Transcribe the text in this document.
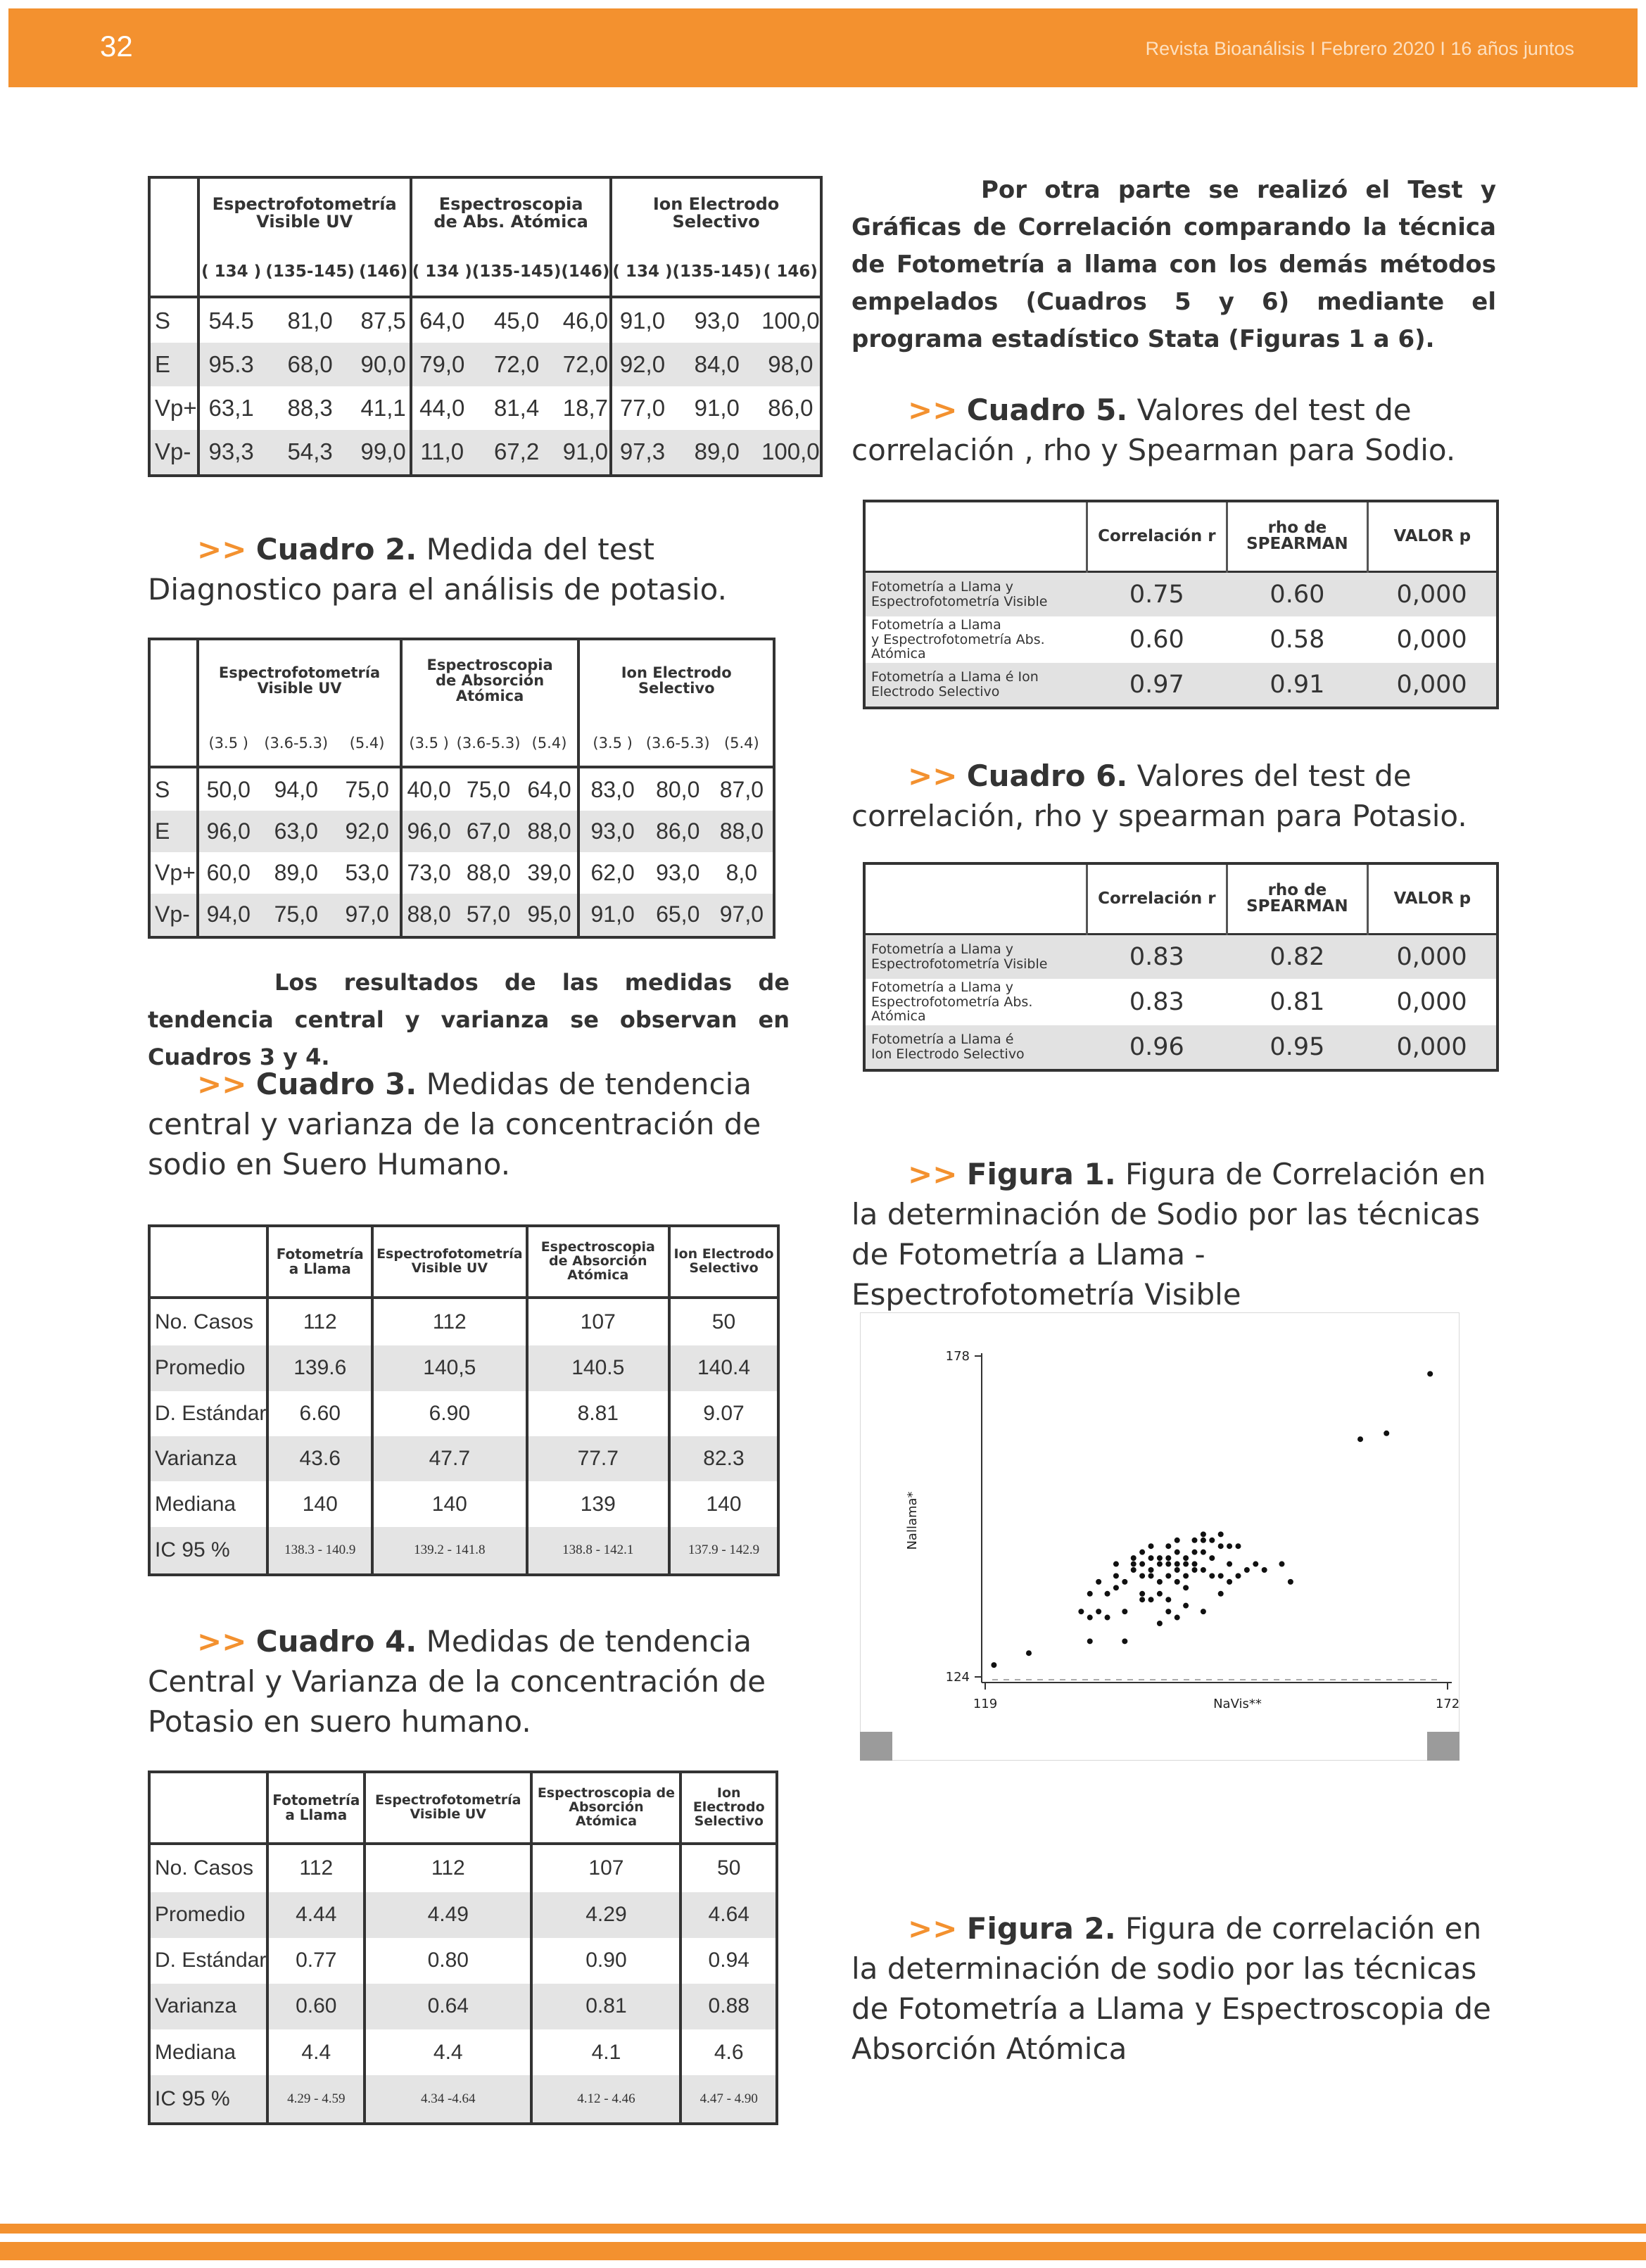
32	Revista Bioanálisis I Febrero 2020 I 16 años juntos
	Espectrofotometría Visible UV			Espectroscopia de Abs. Atómica			Ion Electrodo Selectivo		
	( 134 )	(135-145)	(146)	( 134 )	(135-145)	(146)	( 134 )	(135-145)	( 146)
S	54.5	81,0	87,5	64,0	45,0	46,0	91,0	93,0	100,0
E	95.3	68,0	90,0	79,0	72,0	72,0	92,0	84,0	98,0
Vp+	63,1	88,3	41,1	44,0	81,4	18,7	77,0	91,0	86,0
Vp-	93,3	54,3	99,0	11,0	67,2	91,0	97,3	89,0	100,0
>> Cuadro 2. Medida del test Diagnostico para el análisis de potasio.
	Espectrofotometría Visible UV			Espectroscopia de Absorción Atómica			Ion Electrodo Selectivo		
	(3.5 )	(3.6-5.3)	(5.4)	(3.5 )	(3.6-5.3)	(5.4)	(3.5 )	(3.6-5.3)	(5.4)
S	50,0	94,0	75,0	40,0	75,0	64,0	83,0	80,0	87,0
E	96,0	63,0	92,0	96,0	67,0	88,0	93,0	86,0	88,0
Vp+	60,0	89,0	53,0	73,0	88,0	39,0	62,0	93,0	8,0
Vp-	94,0	75,0	97,0	88,0	57,0	95,0	91,0	65,0	97,0
Los resultados de las medidas de tendencia central y varianza se observan en Cuadros 3 y 4.
>> Cuadro 3. Medidas de tendencia central y varianza de la concentración de sodio en Suero Humano.
	Fotometría a Llama	Espectrofotometría Visible UV	Espectroscopia de Absorción Atómica	Ion Electrodo Selectivo
No. Casos	112	112	107	50
Promedio	139.6	140,5	140.5	140.4
D. Estándar	6.60	6.90	8.81	9.07
Varianza	43.6	47.7	77.7	82.3
Mediana	140	140	139	140
IC 95 %	138.3 - 140.9	139.2 - 141.8	138.8 - 142.1	137.9 - 142.9
>> Cuadro 4. Medidas de tendencia Central y Varianza de la concentración de Potasio en suero humano.
	Fotometría a Llama	Espectrofotometría Visible UV	Espectroscopia de Absorción Atómica	Ion Electrodo Selectivo
No. Casos	112	112	107	50
Promedio	4.44	4.49	4.29	4.64
D. Estándar	0.77	0.80	0.90	0.94
Varianza	0.60	0.64	0.81	0.88
Mediana	4.4	4.4	4.1	4.6
IC 95 %	4.29 - 4.59	4.34 -4.64	4.12 - 4.46	4.47 - 4.90
Por otra parte se realizó el Test y Gráficas de Correlación comparando la técnica de Fotometría a llama con los demás métodos empelados (Cuadros 5 y 6) mediante el programa estadístico Stata (Figuras 1 a 6).
>> Cuadro 5. Valores del test de correlación , rho y Spearman para Sodio.
	Correlación r	rho de SPEARMAN	VALOR p

Fotometría a Llama y
Espectrofotometría Visible	0.75	0.60	0,000

Fotometría a Llama
y Espectrofotometría Abs. Atómica	0.60	0.58	0,000

Fotometría a Llama é Ion
Electrodo Selectivo	0.97	0.91	0,000
>> Cuadro 6. Valores del test de correlación, rho y spearman para Potasio.
	Correlación r	rho de SPEARMAN	VALOR p

Fotometría a Llama y
Espectrofotometría Visible	0.83	0.82	0,000

Fotometría a Llama y
Espectrofotometría Abs. Atómica	0.83	0.81	0,000

Fotometría a Llama é
Ion Electrodo Selectivo	0.96	0.95	0,000
>> Figura 1. Figura de Correlación en la determinación de Sodio por las técnicas de Fotometría a Llama - Espectrofotometría Visible
119	172
124
178
NaVis**
Nallama*
>> Figura 2. Figura de correlación en la determinación de sodio por las técnicas de Fotometría a Llama y Espectroscopia de Absorción Atómica
